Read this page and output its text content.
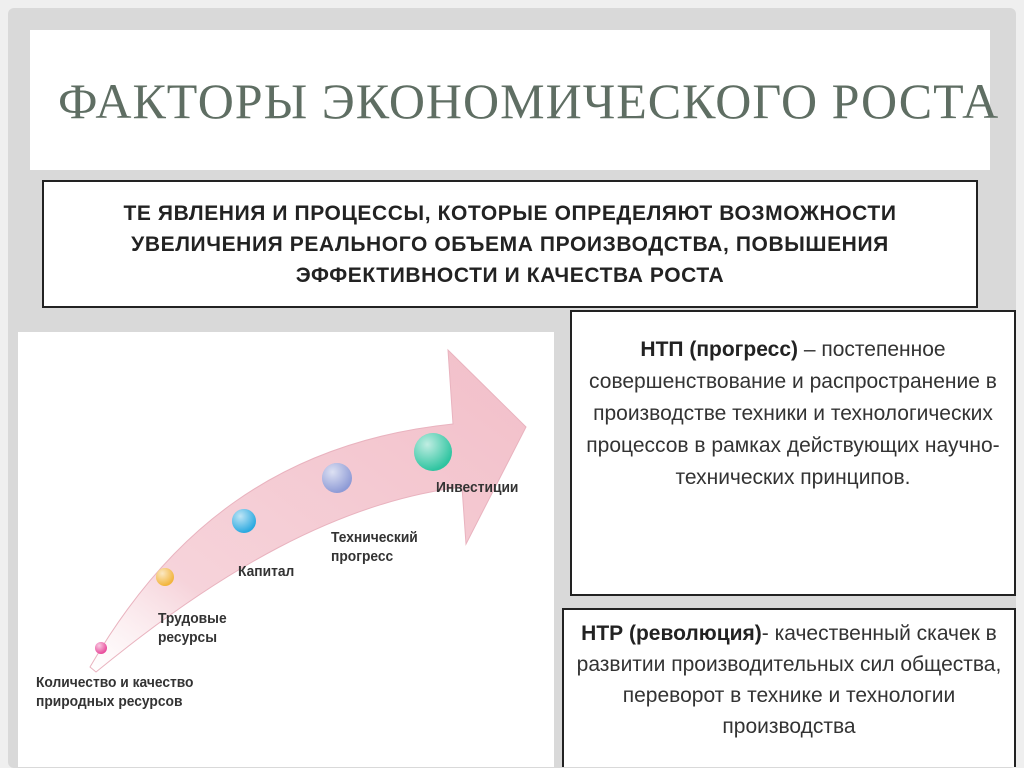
ФАКТОРЫ ЭКОНОМИЧЕСКОГО РОСТА
ТЕ ЯВЛЕНИЯ И ПРОЦЕССЫ, КОТОРЫЕ ОПРЕДЕЛЯЮТ ВОЗМОЖНОСТИ УВЕЛИЧЕНИЯ РЕАЛЬНОГО ОБЪЕМА ПРОИЗВОДСТВА, ПОВЫШЕНИЯ ЭФФЕКТИВНОСТИ И КАЧЕСТВА РОСТА
Количество и качество
природных ресурсов
Трудовые
ресурсы
Капитал
Технический
прогресс
Инвестиции
НТП (прогресс) – постепенное совершенствование и распространение в производстве техники и технологических процессов в рамках действующих научно-технических принципов.
НТР (революция)- качественный скачек в развитии производительных сил общества, переворот в технике и технологии производства
